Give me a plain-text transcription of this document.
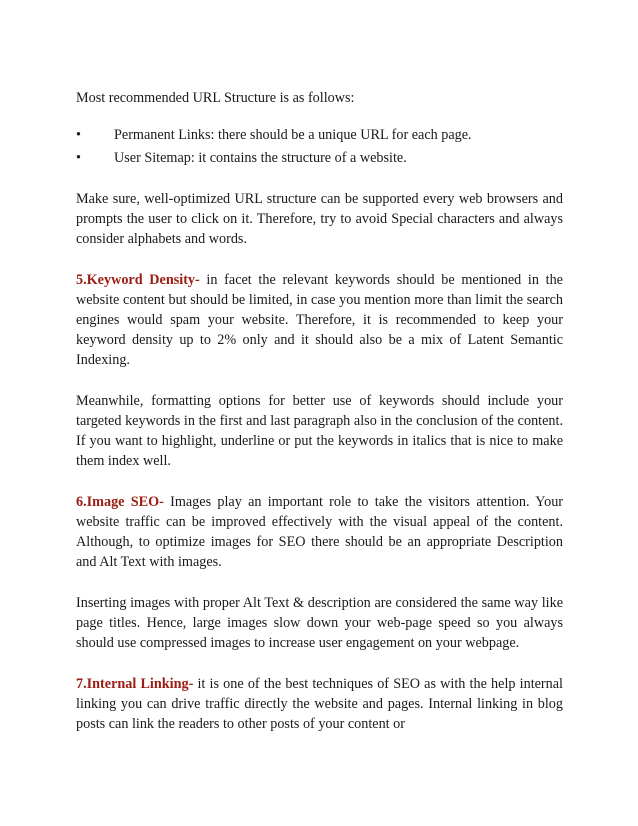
Most recommended URL Structure is as follows:

• Permanent Links: there should be a unique URL for each page.
• User Sitemap: it contains the structure of a website.

Make sure, well-optimized URL structure can be supported every web browsers and prompts the user to click on it. Therefore, try to avoid Special characters and always consider alphabets and words.

5.Keyword Density- in facet the relevant keywords should be mentioned in the website content but should be limited, in case you mention more than limit the search engines would spam your website. Therefore, it is recommended to keep your keyword density up to 2% only and it should also be a mix of Latent Semantic Indexing.

Meanwhile, formatting options for better use of keywords should include your targeted keywords in the first and last paragraph also in the conclusion of the content. If you want to highlight, underline or put the keywords in italics that is nice to make them index well.

6.Image SEO- Images play an important role to take the visitors attention. Your website traffic can be improved effectively with the visual appeal of the content. Although, to optimize images for SEO there should be an appropriate Description and Alt Text with images.

Inserting images with proper Alt Text & description are considered the same way like page titles. Hence, large images slow down your web-page speed so you always should use compressed images to increase user engagement on your webpage.

7.Internal Linking- it is one of the best techniques of SEO as with the help internal linking you can drive traffic directly the website and pages. Internal linking in blog posts can link the readers to other posts of your content or
